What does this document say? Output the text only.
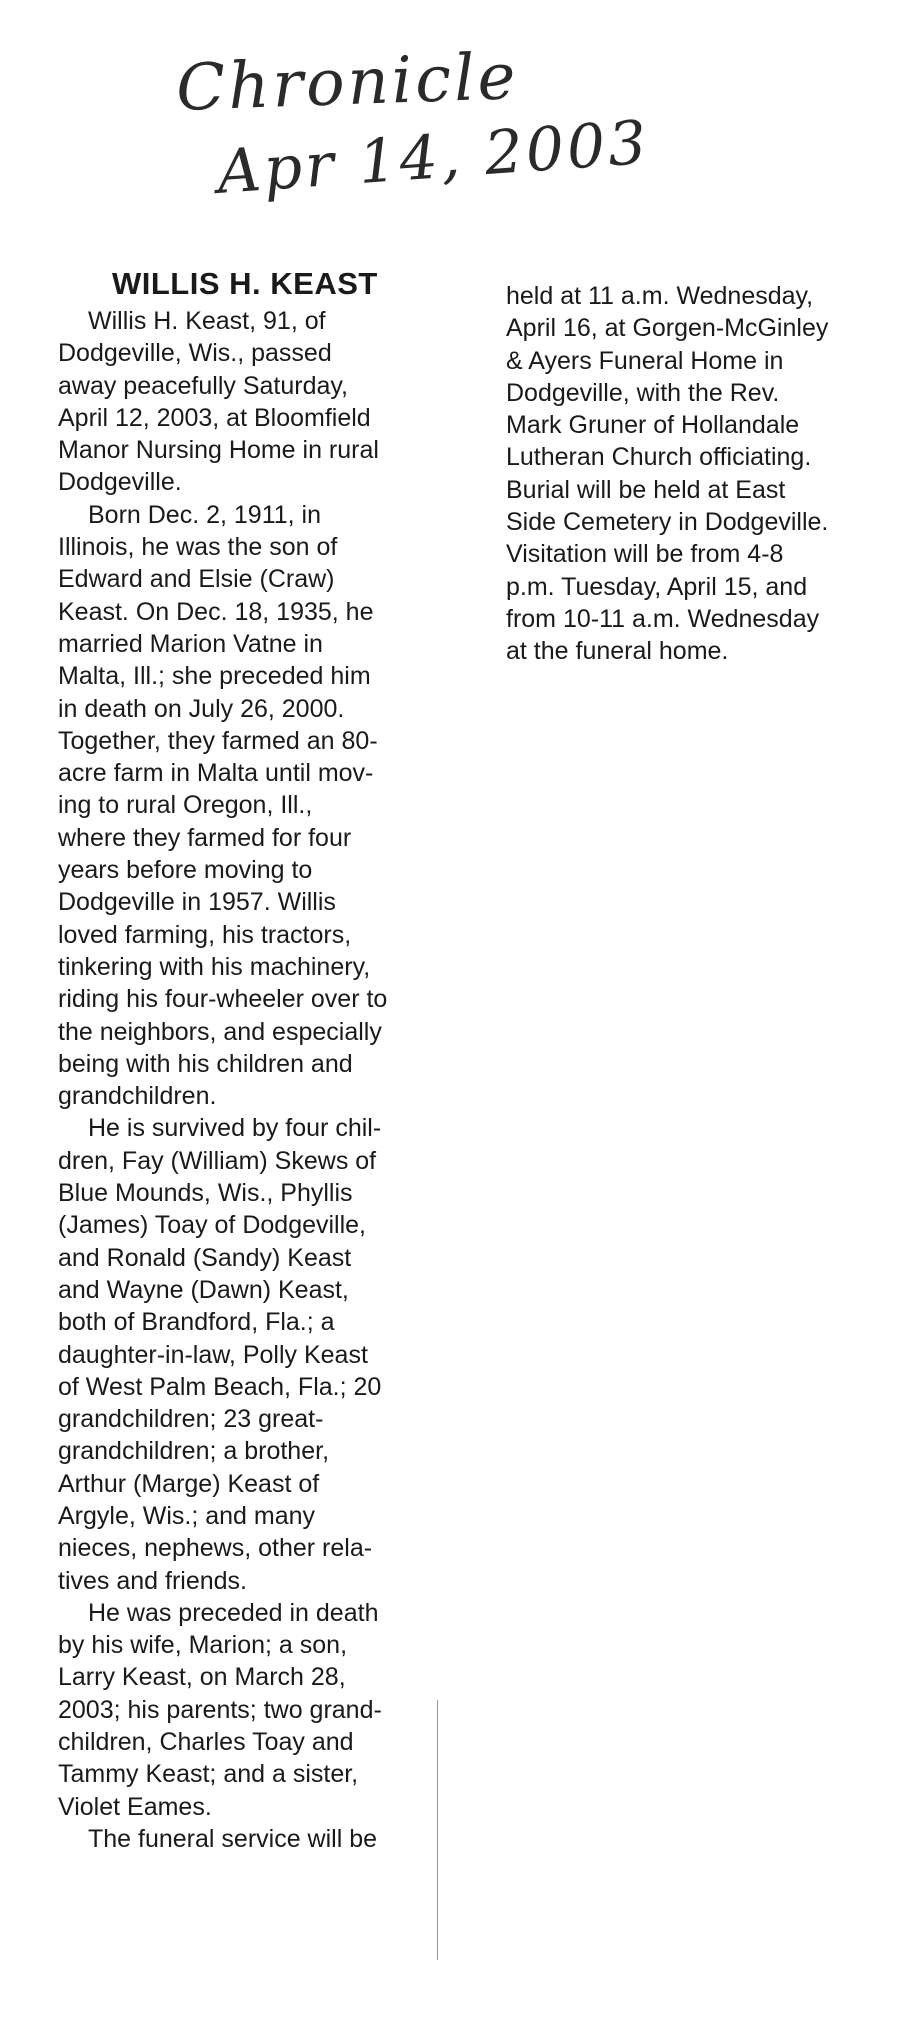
Chronicle
Apr 14, 2003
WILLIS H. KEAST
Willis H. Keast, 91, of
Dodgeville, Wis., passed
away peacefully Saturday,
April 12, 2003, at Bloomfield
Manor Nursing Home in rural
Dodgeville.
Born Dec. 2, 1911, in
Illinois, he was the son of
Edward and Elsie (Craw)
Keast. On Dec. 18, 1935, he
married Marion Vatne in
Malta, Ill.; she preceded him
in death on July 26, 2000.
Together, they farmed an 80-
acre farm in Malta until mov-
ing to rural Oregon, Ill.,
where they farmed for four
years before moving to
Dodgeville in 1957. Willis
loved farming, his tractors,
tinkering with his machinery,
riding his four-wheeler over to
the neighbors, and especially
being with his children and
grandchildren.
He is survived by four chil-
dren, Fay (William) Skews of
Blue Mounds, Wis., Phyllis
(James) Toay of Dodgeville,
and Ronald (Sandy) Keast
and Wayne (Dawn) Keast,
both of Brandford, Fla.; a
daughter-in-law, Polly Keast
of West Palm Beach, Fla.; 20
grandchildren; 23 great-
grandchildren; a brother,
Arthur (Marge) Keast of
Argyle, Wis.; and many
nieces, nephews, other rela-
tives and friends.
He was preceded in death
by his wife, Marion; a son,
Larry Keast, on March 28,
2003; his parents; two grand-
children, Charles Toay and
Tammy Keast; and a sister,
Violet Eames.
The funeral service will be
held at 11 a.m. Wednesday,
April 16, at Gorgen-McGinley
& Ayers Funeral Home in
Dodgeville, with the Rev.
Mark Gruner of Hollandale
Lutheran Church officiating.
Burial will be held at East
Side Cemetery in Dodgeville.
Visitation will be from 4-8
p.m. Tuesday, April 15, and
from 10-11 a.m. Wednesday
at the funeral home.
